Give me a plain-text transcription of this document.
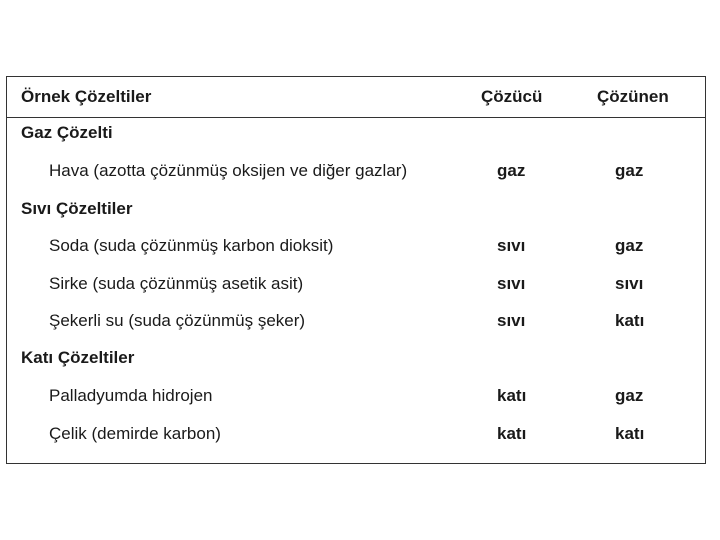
Örnek Çözeltiler	Çözücü	Çözünen
Gaz Çözelti
Hava (azotta çözünmüş oksijen ve diğer gazlar)	gaz	gaz
Sıvı Çözeltiler
Soda (suda çözünmüş karbon dioksit)	sıvı	gaz
Sirke (suda çözünmüş asetik asit)	sıvı	sıvı
Şekerli su (suda çözünmüş şeker)	sıvı	katı
Katı Çözeltiler
Palladyumda hidrojen	katı	gaz
Çelik (demirde karbon)	katı	katı
